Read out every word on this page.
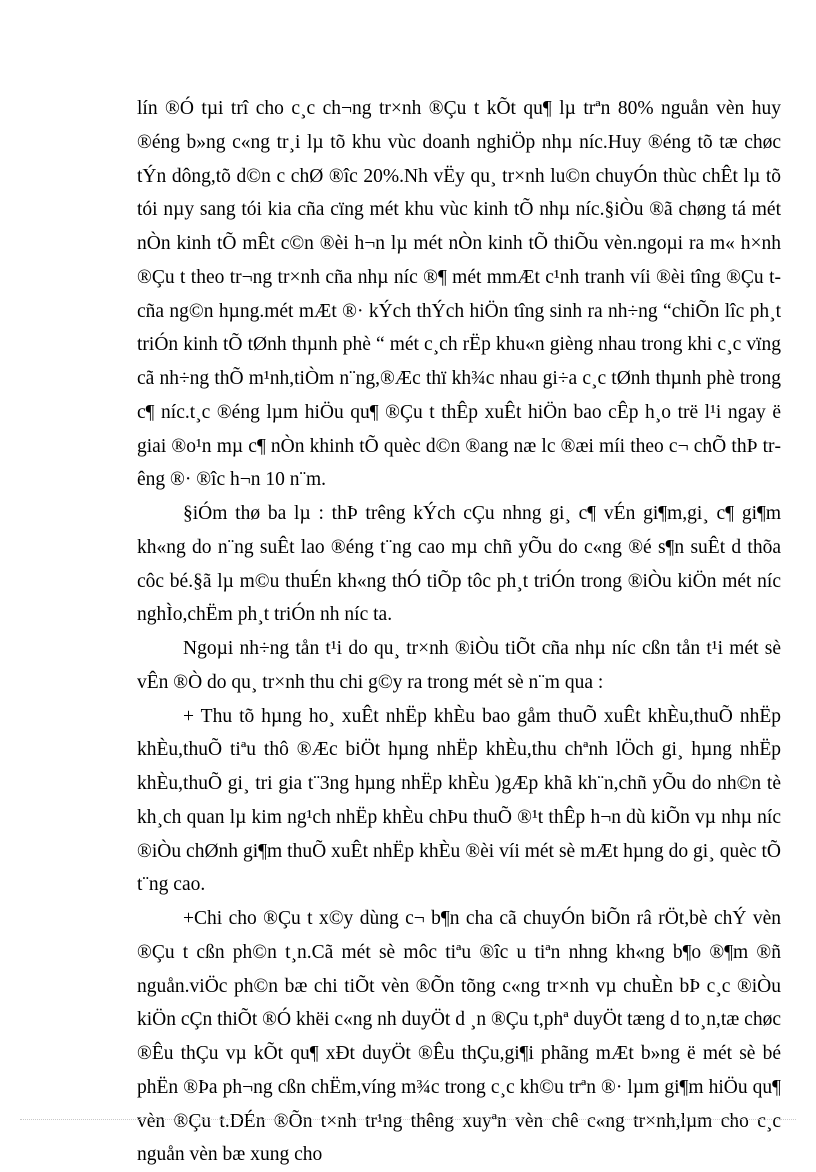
lín ®Ó tµi trî cho c¸c ch¬ng tr×nh ®Çu t kÕt qu¶ lµ trªn 80% nguån vèn huy ®éng b»ng c«ng tr¸i lµ tõ khu vùc doanh nghiÖp nhµ níc.Huy ®éng tõ tæ chøc tÝn dông,tõ d©n c chØ ®îc 20%.Nh vËy qu¸ tr×nh lu©n chuyÓn thùc chÊt lµ tõ tói nµy sang tói kia cña cïng mét khu vùc kinh tÕ nhµ níc.§iÒu ®ã chøng tá mét nÒn kinh tÕ mÊt c©n ®èi h¬n lµ mét nÒn kinh tÕ thiÕu vèn.ngoµi ra m« h×nh ®Çu t theo tr¬ng tr×nh cña nhµ níc ®¶ mét mmÆt c¹nh tranh víi ®èi tîng ®Çu t cña ng©n hµng.mét mÆt ®· kÝch thÝch hiÖn tîng sinh ra nh÷ng “chiÕn lîc ph¸t triÓn kinh tÕ tØnh thµnh phè “ mét c¸ch rËp khu«n gièng nhau trong khi c¸c vïng cã nh÷ng thÕ m¹nh,tiÒm n¨ng,®Æc thï kh¾c nhau gi÷a c¸c tØnh thµnh phè trong c¶ níc.t¸c ®éng lµm hiÖu qu¶ ®Çu t thÊp xuÊt hiÖn bao cÊp h¸o trë l¹i ngay ë giai ®o¹n mµ c¶ nÒn khinh tÕ quèc d©n ®ang næ lc ®æi míi theo c¬ chÕ thÞ trêng ®· ®îc h¬n 10 n¨m.

§iÓm thø ba lµ : thÞ trêng kÝch cÇu nhng gi¸ c¶ vÉn gi¶m,gi¸ c¶ gi¶m kh«ng do n¨ng suÊt lao ®éng t¨ng cao mµ chñ yÕu do c«ng ®é s¶n suÊt d thõa côc bé.§ã lµ m©u thuÉn kh«ng thÓ tiÕp tôc ph¸t triÓn trong ®iÒu kiÖn mét níc nghÌo,chËm ph¸t triÓn nh níc ta.

Ngoµi nh÷ng tån t¹i do qu¸ tr×nh ®iÒu tiÕt cña nhµ níc cßn tån t¹i mét sè vÊn ®Ò do qu¸ tr×nh thu chi g©y ra trong mét sè n¨m qua :

+ Thu tõ hµng ho¸ xuÊt nhËp khÈu bao gåm thuÕ xuÊt khÈu,thuÕ nhËp khÈu,thuÕ tiªu thô ®Æc biÖt hµng nhËp khÈu,thu chªnh lÖch gi¸ hµng nhËp khÈu,thuÕ gi¸ tri gia t¨3ng hµng nhËp khÈu )gÆp khã kh¨n,chñ yÕu do nh©n tè kh¸ch quan lµ kim ng¹ch nhËp khÈu chÞu thuÕ ®¹t thÊp h¬n dù kiÕn vµ nhµ níc ®iÒu chØnh gi¶m thuÕ xuÊt nhËp khÈu ®èi víi mét sè mÆt hµng do gi¸ quèc tÕ t¨ng cao.

+Chi cho ®Çu t x©y dùng c¬ b¶n cha cã chuyÓn biÕn râ rÖt,bè chÝ vèn ®Çu t cßn ph©n t¸n.Cã mét sè môc tiªu ®îc u tiªn nhng kh«ng b¶o ®¶m ®ñ nguån.viÖc ph©n bæ chi tiÕt vèn ®Õn tõng c«ng tr×nh vµ chuÈn bÞ c¸c ®iÒu kiÖn cÇn thiÕt ®Ó khëi c«ng nh duyÖt d ¸n ®Çu t,phª duyÖt tæng d to¸n,tæ chøc ®Êu thÇu vµ kÕt qu¶ xÐt duyÖt ®Êu thÇu,gi¶i phãng mÆt b»ng ë mét sè bé phËn ®Þa ph¬ng cßn chËm,víng m¾c trong c¸c kh©u trªn ®· lµm gi¶m hiÖu qu¶ vèn ®Çu t.DÉn ®Õn t×nh tr¹ng thêng xuyªn vèn chê c«ng tr×nh,lµm cho c¸c nguån vèn bæ xung cho
